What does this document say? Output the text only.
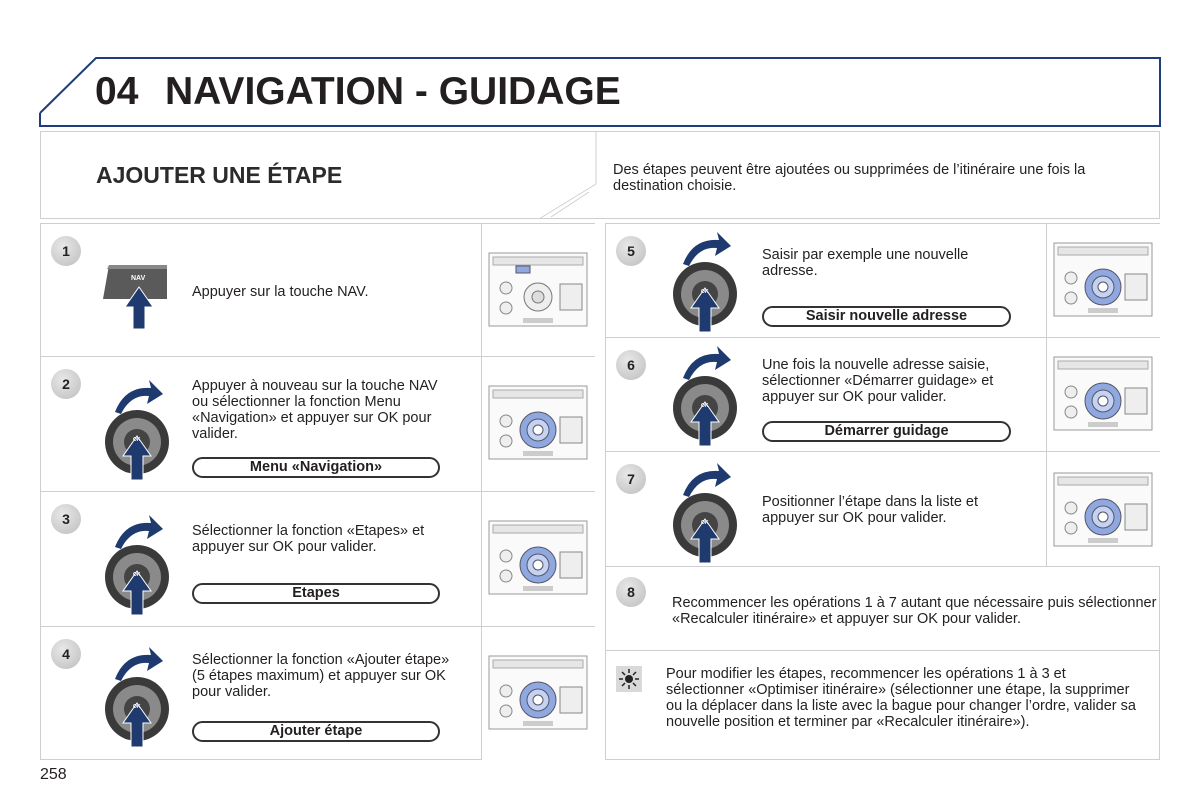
04 NAVIGATION - GUIDAGE
AJOUTER UNE ÉTAPE	Des étapes peuvent être ajoutées ou supprimées de l’itinéraire une fois la destination choisie.
1
NAV
Appuyer sur la touche NAV.
2
OK
Appuyer à nouveau sur la touche NAV ou sélectionner la fonction Menu «Navigation» et appuyer sur OK pour valider.
Menu «Navigation»
3
OK
Sélectionner la fonction «Etapes» et appuyer sur OK pour valider.
Etapes
4
OK
Sélectionner la fonction «Ajouter étape» (5 étapes maximum) et appuyer sur OK pour valider.
Ajouter étape
5
OK
Saisir par exemple une nouvelle adresse.
Saisir nouvelle adresse
6
OK
Une fois la nouvelle adresse saisie, sélectionner «Démarrer guidage» et appuyer sur OK pour valider.
Démarrer guidage
7
OK
Positionner l’étape dans la liste et appuyer sur OK pour valider.
8
Recommencer les opérations 1 à 7 autant que nécessaire puis sélectionner «Recalculer itinéraire» et appuyer sur OK pour valider.
Pour modifier les étapes, recommencer les opérations 1 à 3 et sélectionner «Optimiser itinéraire» (sélectionner une étape, la supprimer ou la déplacer dans la liste avec la bague pour changer l’ordre, valider sa nouvelle position et terminer par «Recalculer itinéraire»).
258
